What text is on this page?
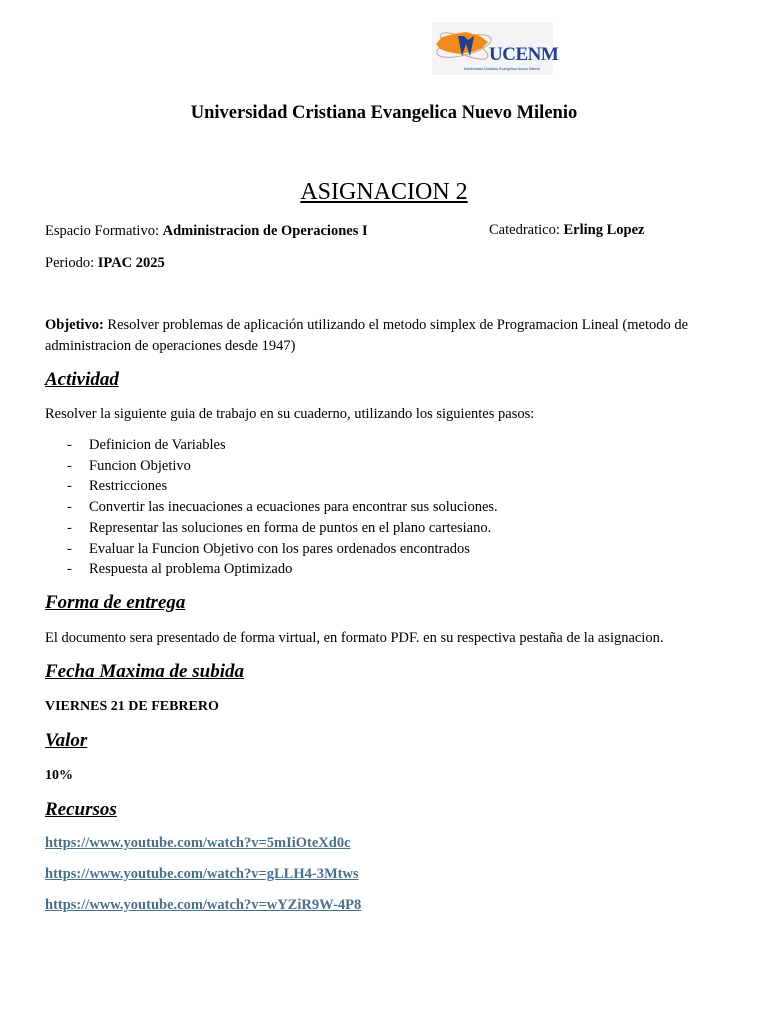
UCENM
Universidad Cristiana Evangélica Nuevo Milenio
Universidad Cristiana Evangelica Nuevo Milenio
ASIGNACION 2
Espacio Formativo: Administracion de Operaciones I	Catedratico: Erling Lopez
Periodo: IPAC 2025
Objetivo: Resolver problemas de aplicación utilizando el metodo simplex de Programacion Lineal (metodo de administracion de operaciones desde 1947)
Actividad
Resolver la siguiente guia de trabajo en su cuaderno, utilizando los siguientes pasos:
- Definicion de Variables
- Funcion Objetivo
- Restricciones
- Convertir las inecuaciones a ecuaciones para encontrar sus soluciones.
- Representar las soluciones en forma de puntos en el plano cartesiano.
- Evaluar la Funcion Objetivo con los pares ordenados encontrados
- Respuesta al problema Optimizado
Forma de entrega
El documento sera presentado de forma virtual, en formato PDF. en su respectiva pestaña de la asignacion.
Fecha Maxima de subida
VIERNES 21 DE FEBRERO
Valor
10%
Recursos
https://www.youtube.com/watch?v=5mIiOteXd0c
https://www.youtube.com/watch?v=gLLH4-3Mtws
https://www.youtube.com/watch?v=wYZiR9W-4P8
